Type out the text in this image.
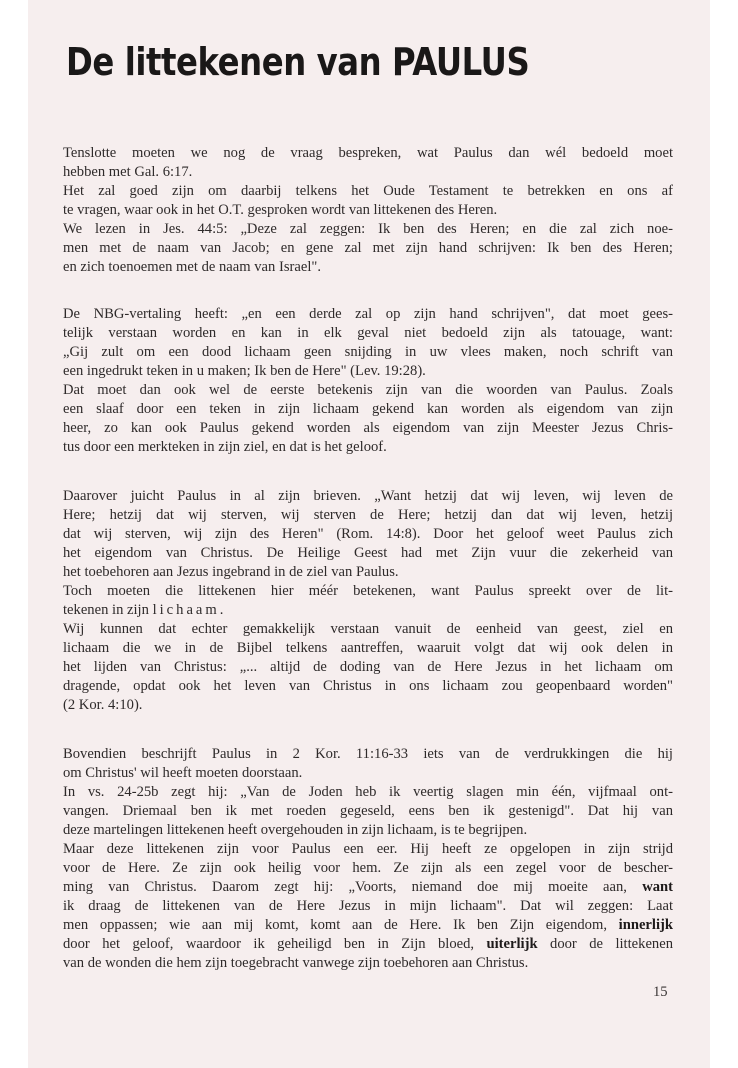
De littekenen van PAULUS
Tenslotte moeten we nog de vraag bespreken, wat Paulus dan wél bedoeld moet
hebben met Gal. 6:17.
Het zal goed zijn om daarbij telkens het Oude Testament te betrekken en ons af
te vragen, waar ook in het O.T. gesproken wordt van littekenen des Heren.
We lezen in Jes. 44:5: „Deze zal zeggen: Ik ben des Heren; en die zal zich noe-
men met de naam van Jacob; en gene zal met zijn hand schrijven: Ik ben des Heren;
en zich toenoemen met de naam van Israel".
De NBG-vertaling heeft: „en een derde zal op zijn hand schrijven", dat moet gees-
telijk verstaan worden en kan in elk geval niet bedoeld zijn als tatouage, want:
„Gij zult om een dood lichaam geen snijding in uw vlees maken, noch schrift van
een ingedrukt teken in u maken; Ik ben de Here" (Lev. 19:28).
Dat moet dan ook wel de eerste betekenis zijn van die woorden van Paulus. Zoals
een slaaf door een teken in zijn lichaam gekend kan worden als eigendom van zijn
heer, zo kan ook Paulus gekend worden als eigendom van zijn Meester Jezus Chris-
tus door een merkteken in zijn ziel, en dat is het geloof.
Daarover juicht Paulus in al zijn brieven. „Want hetzij dat wij leven, wij leven de
Here; hetzij dat wij sterven, wij sterven de Here; hetzij dan dat wij leven, hetzij
dat wij sterven, wij zijn des Heren" (Rom. 14:8). Door het geloof weet Paulus zich
het eigendom van Christus. De Heilige Geest had met Zijn vuur die zekerheid van
het toebehoren aan Jezus ingebrand in de ziel van Paulus.
Toch moeten die littekenen hier méér betekenen, want Paulus spreekt over de lit-
tekenen in zijn lichaam.
Wij kunnen dat echter gemakkelijk verstaan vanuit de eenheid van geest, ziel en
lichaam die we in de Bijbel telkens aantreffen, waaruit volgt dat wij ook delen in
het lijden van Christus: „... altijd de doding van de Here Jezus in het lichaam om
dragende, opdat ook het leven van Christus in ons lichaam zou geopenbaard worden"
(2 Kor. 4:10).
Bovendien beschrijft Paulus in 2 Kor. 11:16-33 iets van de verdrukkingen die hij
om Christus' wil heeft moeten doorstaan.
In vs. 24-25b zegt hij: „Van de Joden heb ik veertig slagen min één, vijfmaal ont-
vangen. Driemaal ben ik met roeden gegeseld, eens ben ik gestenigd". Dat hij van
deze martelingen littekenen heeft overgehouden in zijn lichaam, is te begrijpen.
Maar deze littekenen zijn voor Paulus een eer. Hij heeft ze opgelopen in zijn strijd
voor de Here. Ze zijn ook heilig voor hem. Ze zijn als een zegel voor de bescher-
ming van Christus. Daarom zegt hij: „Voorts, niemand doe mij moeite aan, want
ik draag de littekenen van de Here Jezus in mijn lichaam". Dat wil zeggen: Laat
men oppassen; wie aan mij komt, komt aan de Here. Ik ben Zijn eigendom, innerlijk
door het geloof, waardoor ik geheiligd ben in Zijn bloed, uiterlijk door de littekenen
van de wonden die hem zijn toegebracht vanwege zijn toebehoren aan Christus.
15
